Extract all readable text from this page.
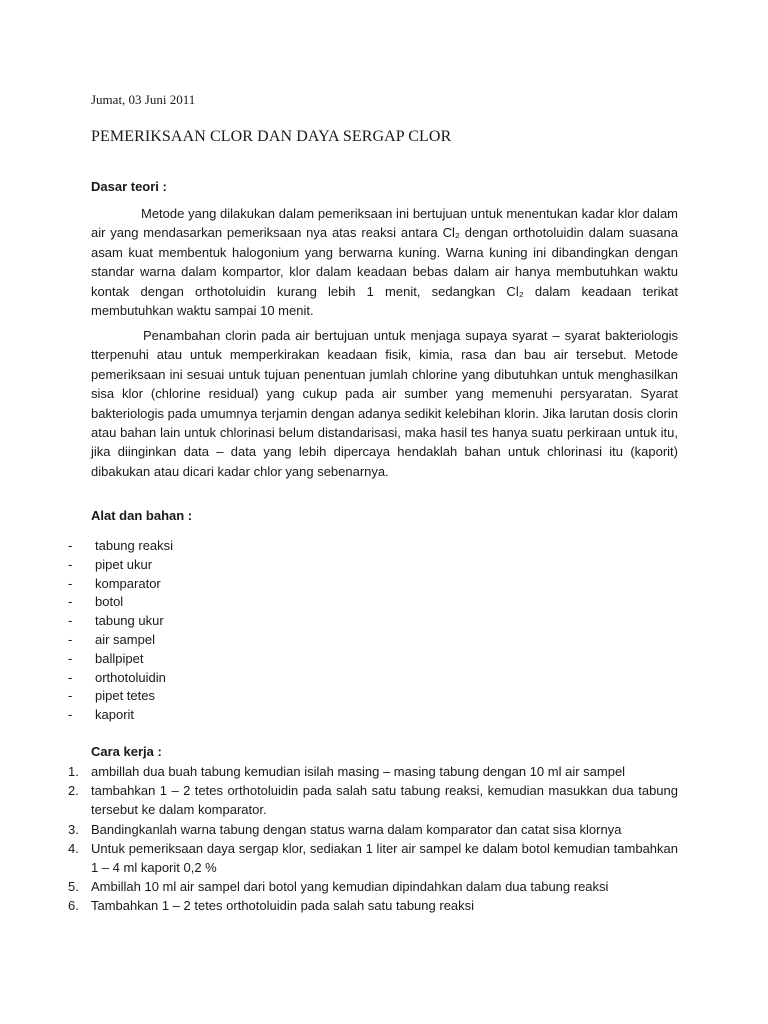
Jumat, 03 Juni 2011
PEMERIKSAAN CLOR DAN DAYA SERGAP CLOR
Dasar teori :
Metode yang dilakukan dalam pemeriksaan ini bertujuan untuk menentukan kadar klor dalam air yang mendasarkan pemeriksaan nya atas reaksi antara Cl₂ dengan orthotoluidin dalam suasana asam kuat membentuk halogonium yang berwarna kuning. Warna kuning ini dibandingkan dengan standar warna dalam kompartor, klor dalam keadaan bebas dalam air hanya membutuhkan waktu kontak dengan orthotoluidin kurang lebih 1 menit, sedangkan Cl₂ dalam keadaan terikat membutuhkan waktu sampai 10 menit.
Penambahan clorin pada air bertujuan untuk menjaga supaya syarat – syarat bakteriologis tterpenuhi atau untuk memperkirakan keadaan fisik, kimia, rasa dan bau air tersebut. Metode pemeriksaan ini sesuai untuk tujuan penentuan jumlah chlorine yang dibutuhkan untuk menghasilkan sisa klor (chlorine residual) yang cukup pada air sumber yang memenuhi persyaratan. Syarat bakteriologis pada umumnya terjamin dengan adanya sedikit kelebihan klorin. Jika larutan dosis clorin atau bahan lain untuk chlorinasi belum distandarisasi, maka hasil tes hanya suatu perkiraan untuk itu, jika diinginkan data – data yang lebih dipercaya hendaklah bahan untuk chlorinasi itu (kaporit) dibakukan atau dicari kadar chlor yang sebenarnya.
Alat dan bahan :
- tabung reaksi
- pipet ukur
- komparator
- botol
- tabung ukur
- air sampel
- ballpipet
- orthotoluidin
- pipet tetes
- kaporit
Cara kerja :
1. ambillah dua buah tabung kemudian isilah masing – masing tabung dengan 10 ml air sampel
2. tambahkan 1 – 2 tetes orthotoluidin pada salah satu tabung reaksi, kemudian masukkan dua tabung tersebut ke dalam komparator.
3. Bandingkanlah warna tabung dengan status warna dalam komparator dan catat sisa klornya
4. Untuk pemeriksaan daya sergap klor, sediakan 1 liter air sampel ke dalam botol kemudian tambahkan 1 – 4 ml kaporit 0,2 %
5. Ambillah 10 ml air sampel dari botol yang kemudian dipindahkan dalam dua tabung reaksi
6. Tambahkan 1 – 2 tetes orthotoluidin pada salah satu tabung reaksi
